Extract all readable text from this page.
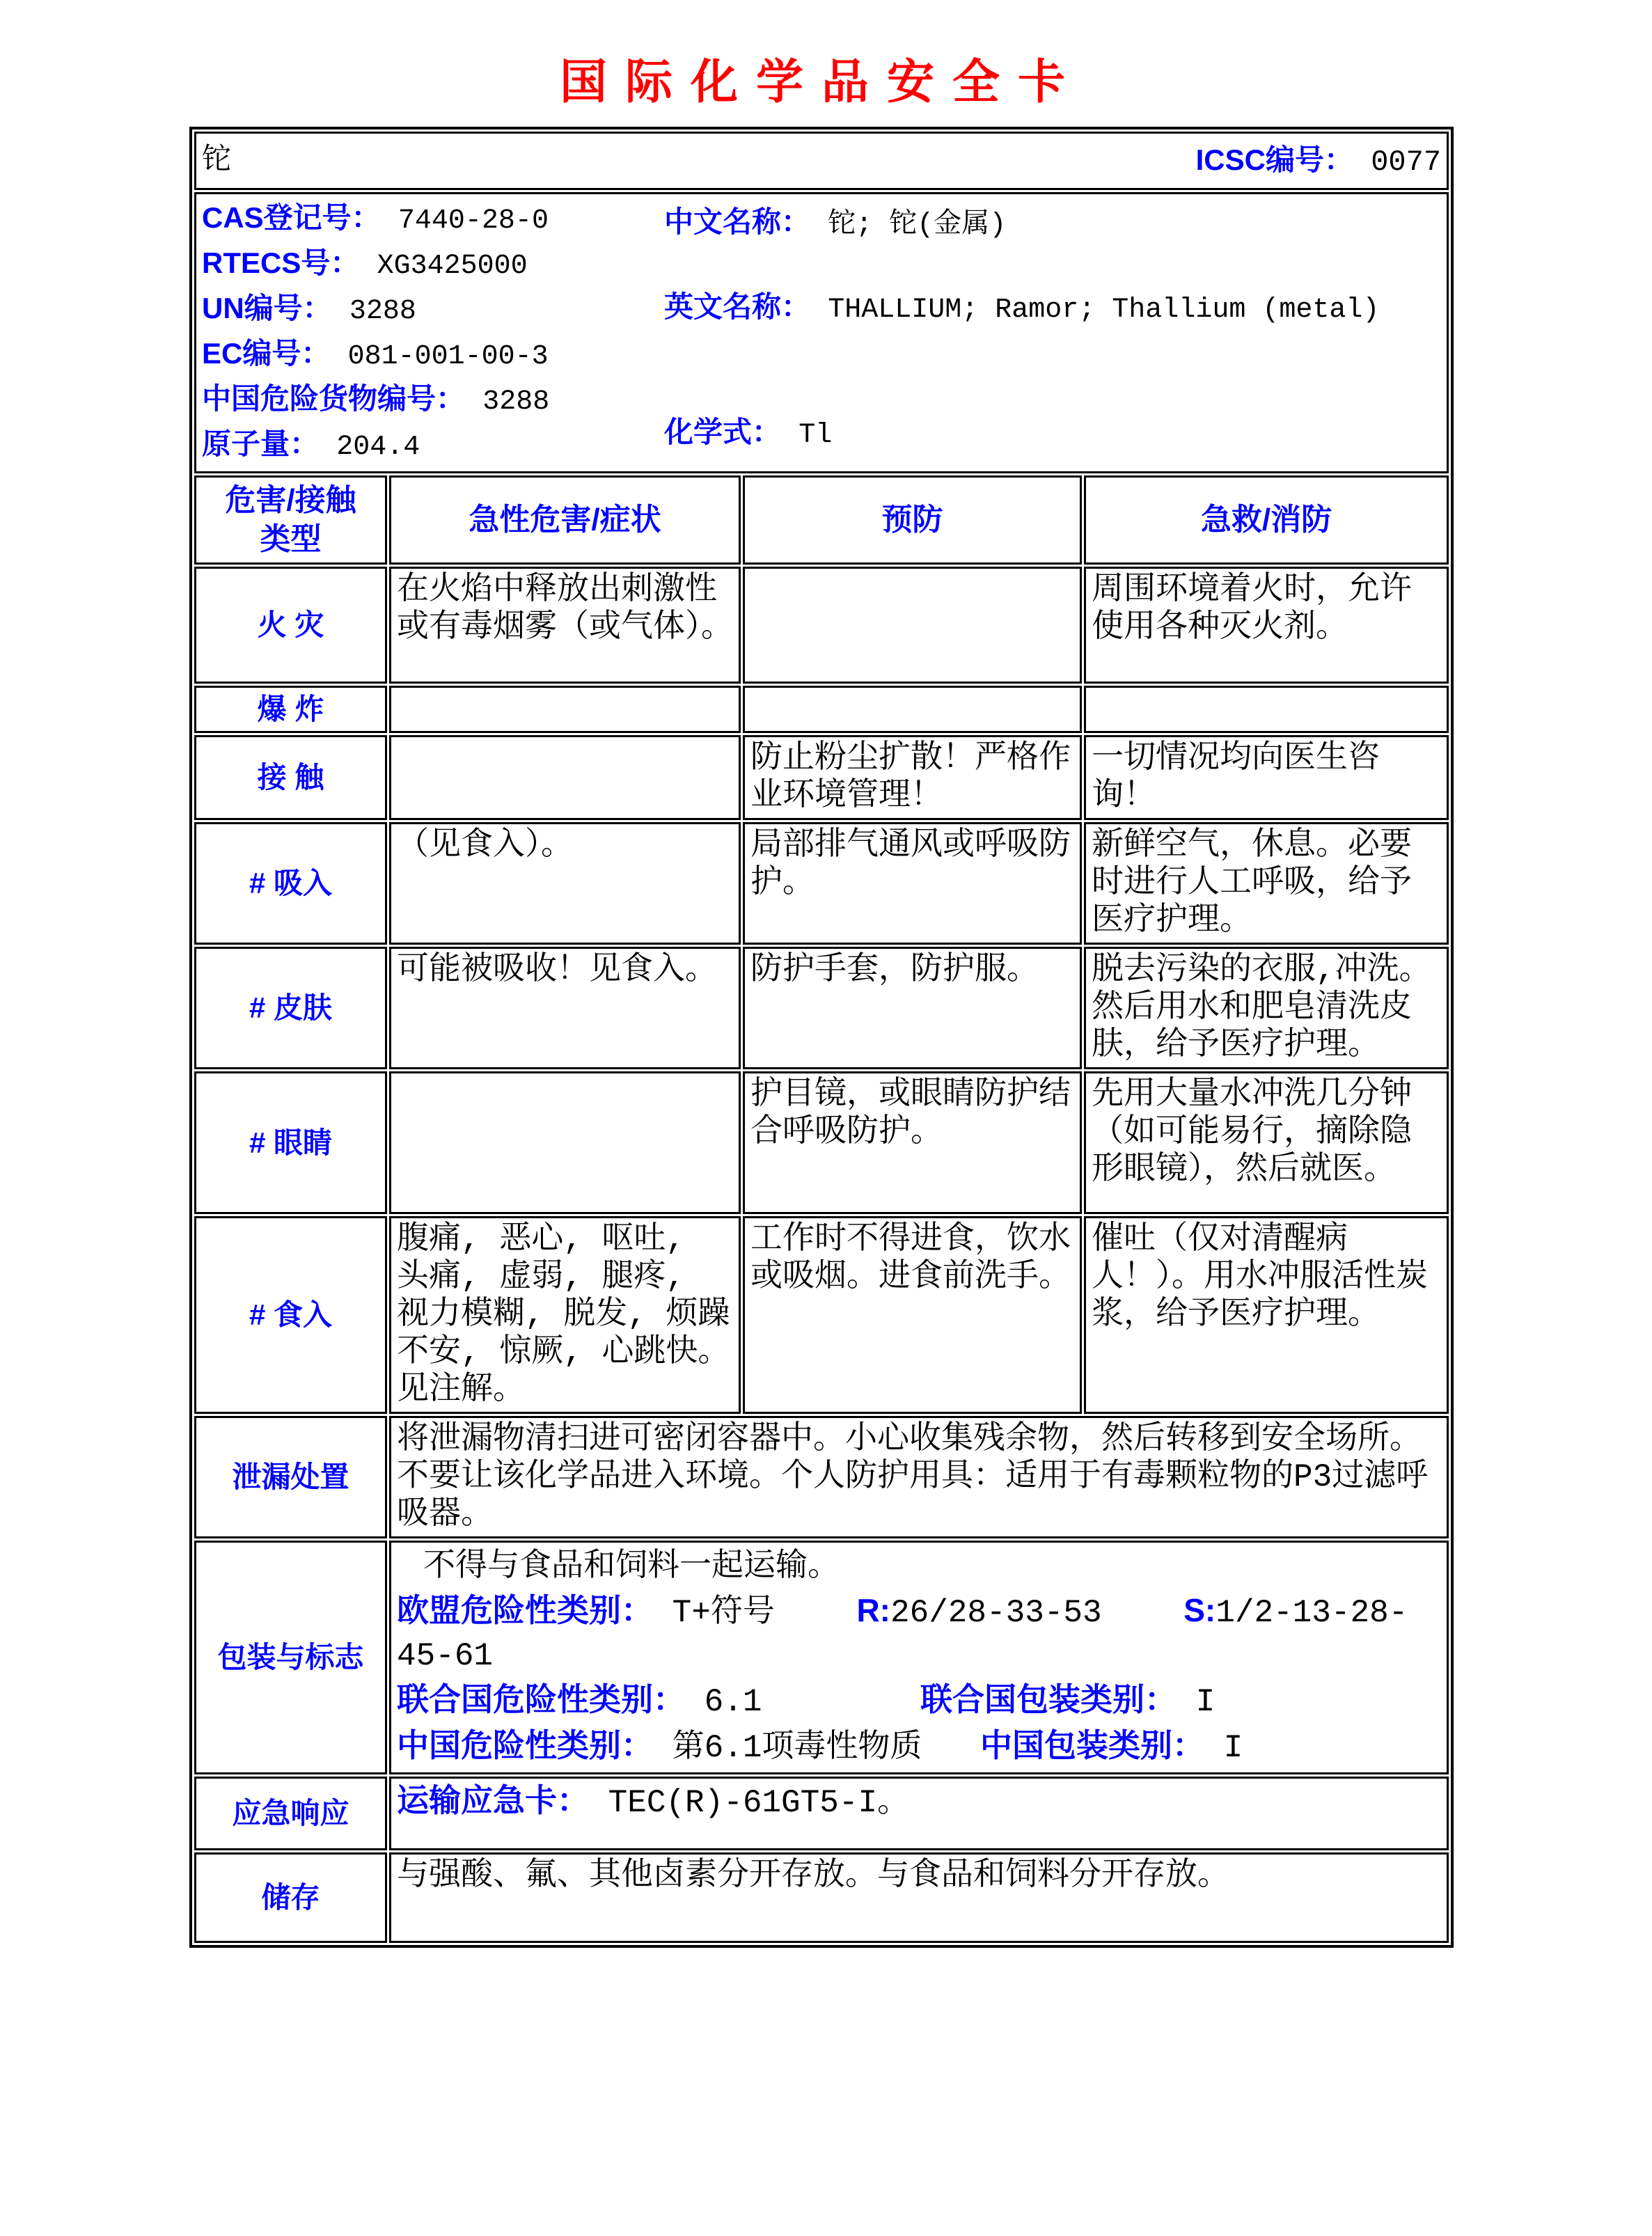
国际化学品安全卡
铊 ICSC编号： 0077			

CAS登记号： 7440-28-0
RTECS号： XG3425000
UN编号： 3288
EC编号： 081-001-00-3
中国危险货物编号： 3288
原子量： 204.4
中文名称： 铊; 铊(金属)
英文名称： THALLIUM; Ramor; Thallium (metal)
化学式： Tl

危害/接触
类型	急性危害/症状	预防	急救/消防
火 灾	在火焰中释放出刺激性或有毒烟雾（或气体）。		周围环境着火时，允许使用各种灭火剂。
爆 炸			
接 触		防止粉尘扩散！严格作业环境管理！	一切情况均向医生咨询！
# 吸入	（见食入）。	局部排气通风或呼吸防护。	新鲜空气，休息。必要时进行人工呼吸，给予医疗护理。
# 皮肤	可能被吸收！见食入。	防护手套，防护服。	脱去污染的衣服,冲洗。然后用水和肥皂清洗皮肤，给予医疗护理。
# 眼睛		护目镜，或眼睛防护结合呼吸防护。	先用大量水冲洗几分钟（如可能易行，摘除隐形眼镜），然后就医。
# 食入	腹痛, 恶心, 呕吐, 头痛, 虚弱, 腿疼, 视力模糊, 脱发, 烦躁不安, 惊厥, 心跳快。见注解。	工作时不得进食，饮水或吸烟。进食前洗手。	催吐（仅对清醒病人！）。用水冲服活性炭浆，给予医疗护理。
泄漏处置	将泄漏物清扫进可密闭容器中。小心收集残余物，然后转移到安全场所。不要让该化学品进入环境。个人防护用具：适用于有毒颗粒物的P3过滤呼吸器。		
包装与标志	不得与食品和饲料一起运输。
欧盟危险性类别： T+符号 R:26/28-33-53 S:1/2-13-28-45-61
联合国危险性类别： 6.1 联合国包装类别： I
中国危险性类别： 第6.1项毒性物质 中国包装类别： I		

应急响应	运输应急卡： TEC(R)-61GT5-I。		
储存	与强酸、氟、其他卤素分开存放。与食品和饲料分开存放。		
